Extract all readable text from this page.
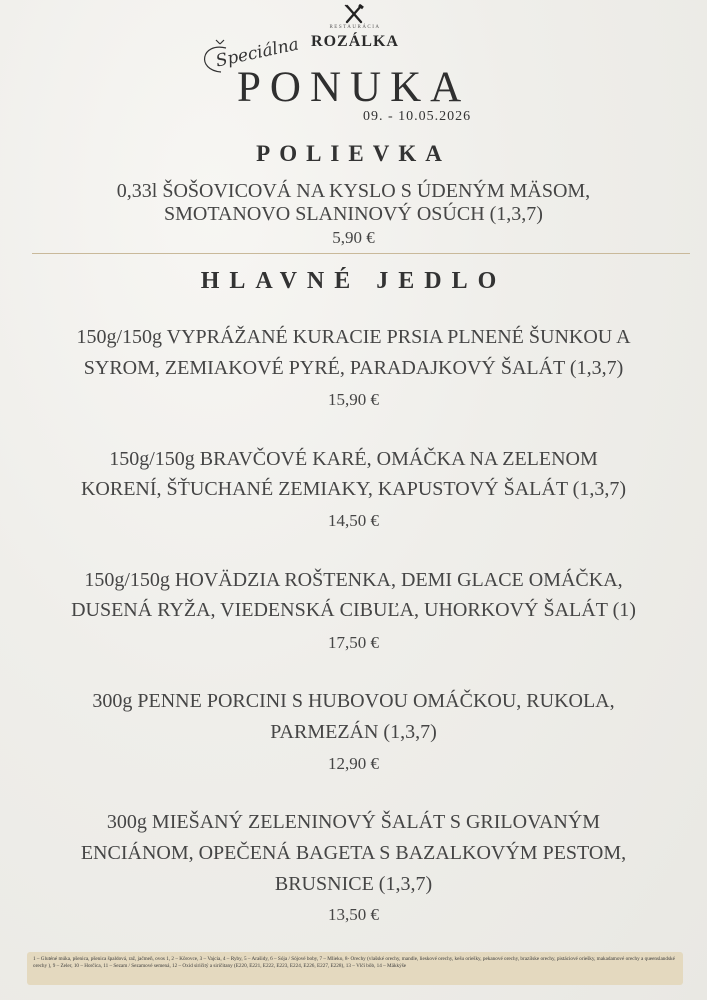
RESTAURÁCIA
ROZÁLKA
Speciálna
PONUKA
09. - 10.05.2026
POLIEVKA
0,33l ŠOŠOVICOVÁ NA KYSLO S ÚDENÝM MÄSOM,
SMOTANOVO SLANINOVÝ OSÚCH (1,3,7)
5,90 €
HLAVNÉ JEDLO
150g/150g VYPRÁŽANÉ KURACIE PRSIA PLNENÉ ŠUNKOU A
SYROM, ZEMIAKOVÉ PYRÉ, PARADAJKOVÝ ŠALÁT (1,3,7)
15,90 €
150g/150g BRAVČOVÉ KARÉ, OMÁČKA NA ZELENOM
KORENÍ, ŠŤUCHANÉ ZEMIAKY, KAPUSTOVÝ ŠALÁT (1,3,7)
14,50 €
150g/150g HOVÄDZIA ROŠTENKA, DEMI GLACE OMÁČKA,
DUSENÁ RYŽA, VIEDENSKÁ CIBUĽA, UHORKOVÝ ŠALÁT (1)
17,50 €
300g PENNE PORCINI S HUBOVOU OMÁČKOU, RUKOLA,
PARMEZÁN (1,3,7)
12,90 €
300g MIEŠANÝ ZELENINOVÝ ŠALÁT S GRILOVANÝM
ENCIÁNOM, OPEČENÁ BAGETA S BAZALKOVÝM PESTOM,
BRUSNICE (1,3,7)
13,50 €
1 – Gluténé múka, pšenica, pšenica špaldová, raž, jačmeň, ovos 1, 2 – Kôrovce, 3 – Vajcia, 4 – Ryby, 5 – Arašidy, 6 – Sója / Sójové boby, 7 – Mlieko, 8- Orechy (vlašské orechy, mandle, lieskové orechy, kešu oriešky, pekanové orechy, brazílske orechy, pistáciové oriešky, makadamové orechy a queenslandské orechy ), 9 – Zeler, 10 – Horčica, 11 – Sezam / Sezamové semená, 12 – Oxid siričitý a siričitany (E220, E221, E222, E223, E224, E226, E227, E228), 13 – Vlčí bôb, 14 – Mäkkýše
